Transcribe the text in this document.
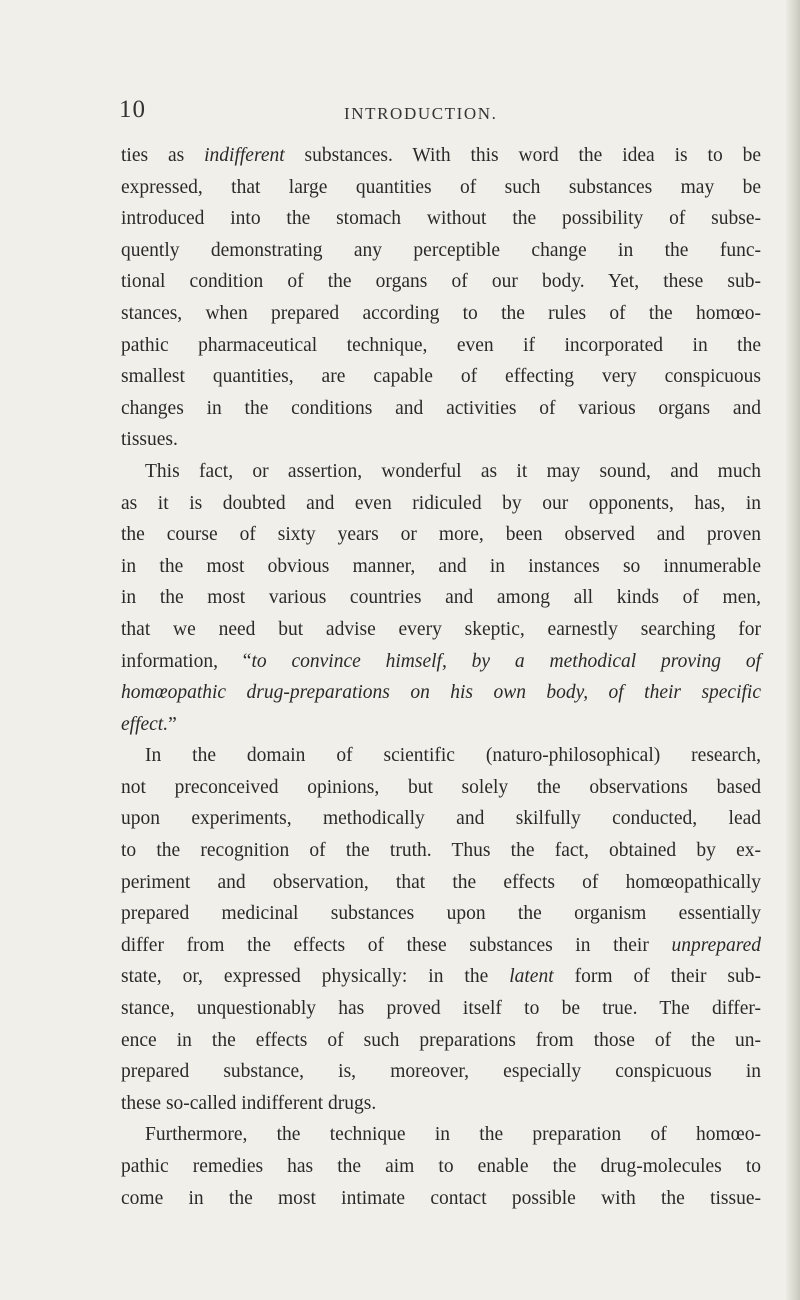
10	INTRODUCTION.
ties as indifferent substances. With this word the idea is to be
expressed, that large quantities of such substances may be
introduced into the stomach without the possibility of subse-
quently demonstrating any perceptible change in the func-
tional condition of the organs of our body. Yet, these sub-
stances, when prepared according to the rules of the homœo-
pathic pharmaceutical technique, even if incorporated in the
smallest quantities, are capable of effecting very conspicuous
changes in the conditions and activities of various organs and
tissues.
This fact, or assertion, wonderful as it may sound, and much
as it is doubted and even ridiculed by our opponents, has, in
the course of sixty years or more, been observed and proven
in the most obvious manner, and in instances so innumerable
in the most various countries and among all kinds of men,
that we need but advise every skeptic, earnestly searching for
information, “to convince himself, by a methodical proving of
homœopathic drug-preparations on his own body, of their specific
effect.”
In the domain of scientific (naturo-philosophical) research,
not preconceived opinions, but solely the observations based
upon experiments, methodically and skilfully conducted, lead
to the recognition of the truth. Thus the fact, obtained by ex-
periment and observation, that the effects of homœopathically
prepared medicinal substances upon the organism essentially
differ from the effects of these substances in their unprepared
state, or, expressed physically: in the latent form of their sub-
stance, unquestionably has proved itself to be true. The differ-
ence in the effects of such preparations from those of the un-
prepared substance, is, moreover, especially conspicuous in
these so-called indifferent drugs.
Furthermore, the technique in the preparation of homœo-
pathic remedies has the aim to enable the drug-molecules to
come in the most intimate contact possible with the tissue-
